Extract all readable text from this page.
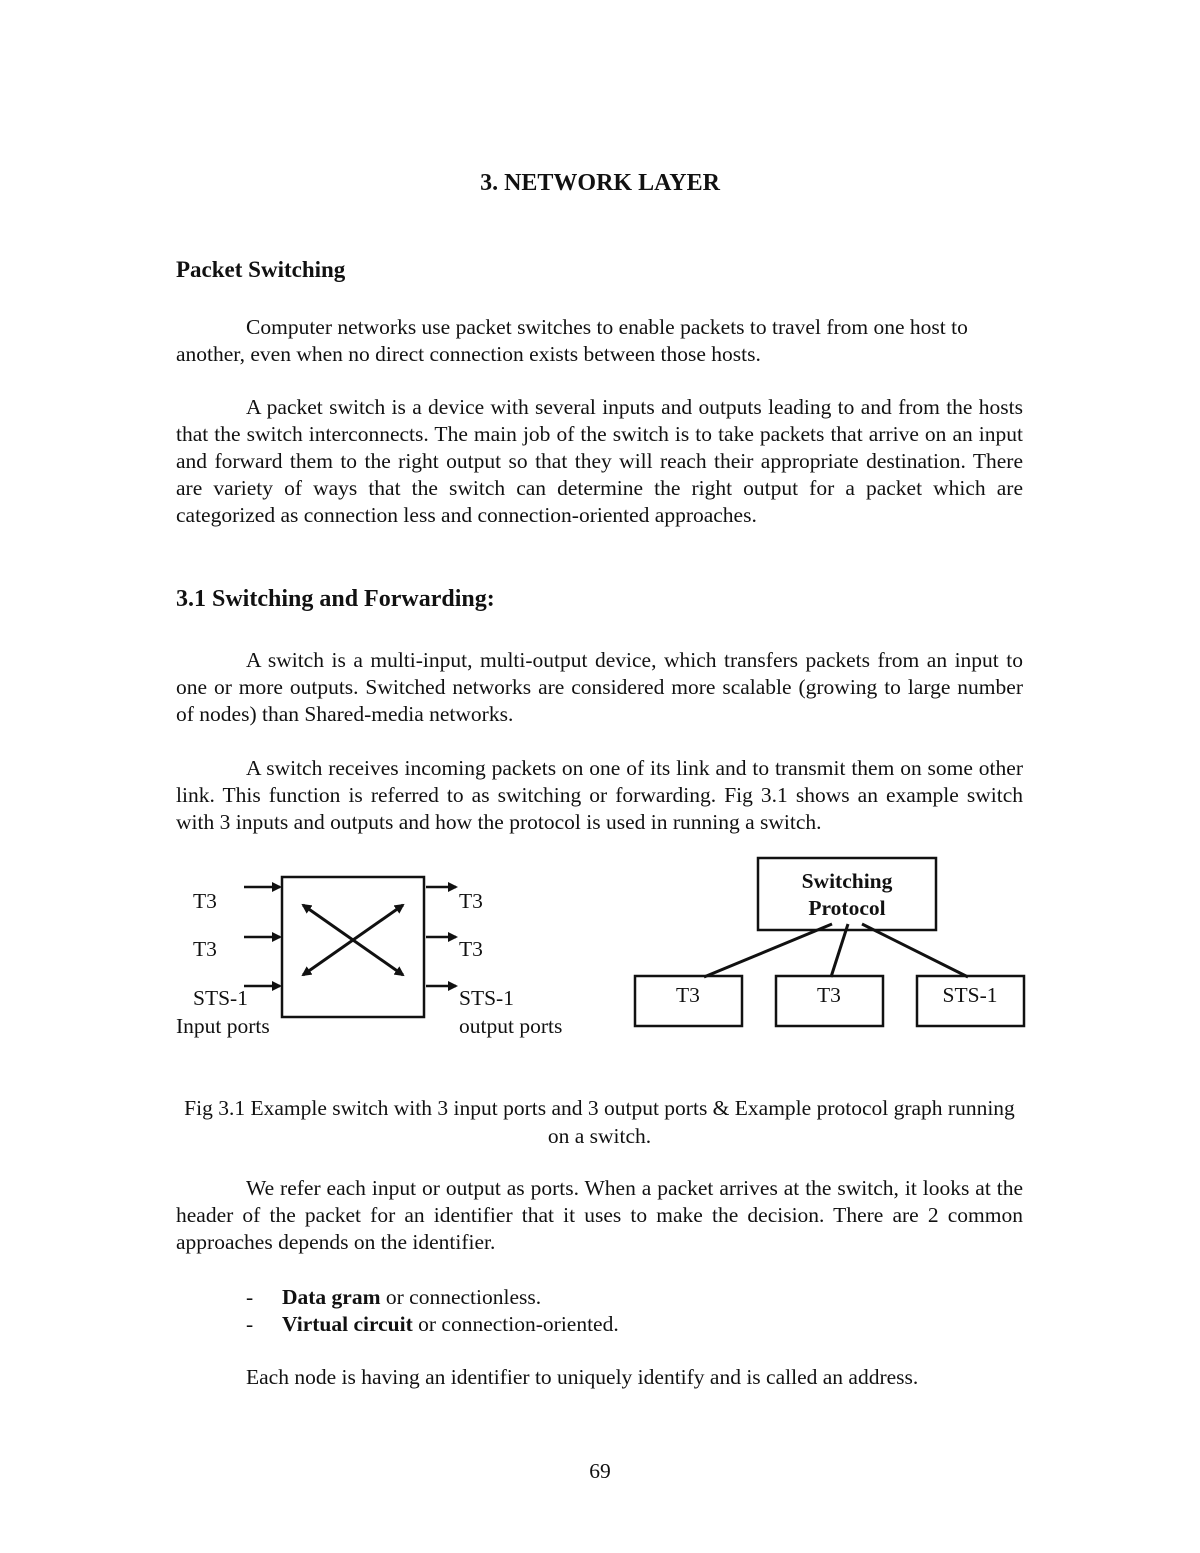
3. NETWORK LAYER
Packet Switching

Computer networks use packet switches to enable packets to travel from one host to another, even when no direct connection exists between those hosts.

A packet switch is a device with several inputs and outputs leading to and from the hosts that the switch interconnects. The main job of the switch is to take packets that arrive on an input and forward them to the right output so that they will reach their appropriate destination. There are variety of ways that the switch can determine the right output for a packet which are categorized as connection less and connection-oriented approaches.

3.1 Switching and Forwarding:

A switch is a multi-input, multi-output device, which transfers packets from an input to one or more outputs. Switched networks are considered more scalable (growing to large number of nodes) than Shared-media networks.

A switch receives incoming packets on one of its link and to transmit them on some other link. This function is referred to as switching or forwarding. Fig 3.1 shows an example switch with 3 inputs and outputs and how the protocol is used in running a switch.

T3
T3
STS-1
Input ports
T3
T3
STS-1
output ports
Switching
Protocol
T3	T3	STS-1

Fig 3.1 Example switch with 3 input ports and 3 output ports & Example protocol graph running on a switch.

We refer each input or output as ports. When a packet arrives at the switch, it looks at the header of the packet for an identifier that it uses to make the decision. There are 2 common approaches depends on the identifier.

- Data gram or connectionless.
- Virtual circuit or connection-oriented.

Each node is having an identifier to uniquely identify and is called an address.

69
